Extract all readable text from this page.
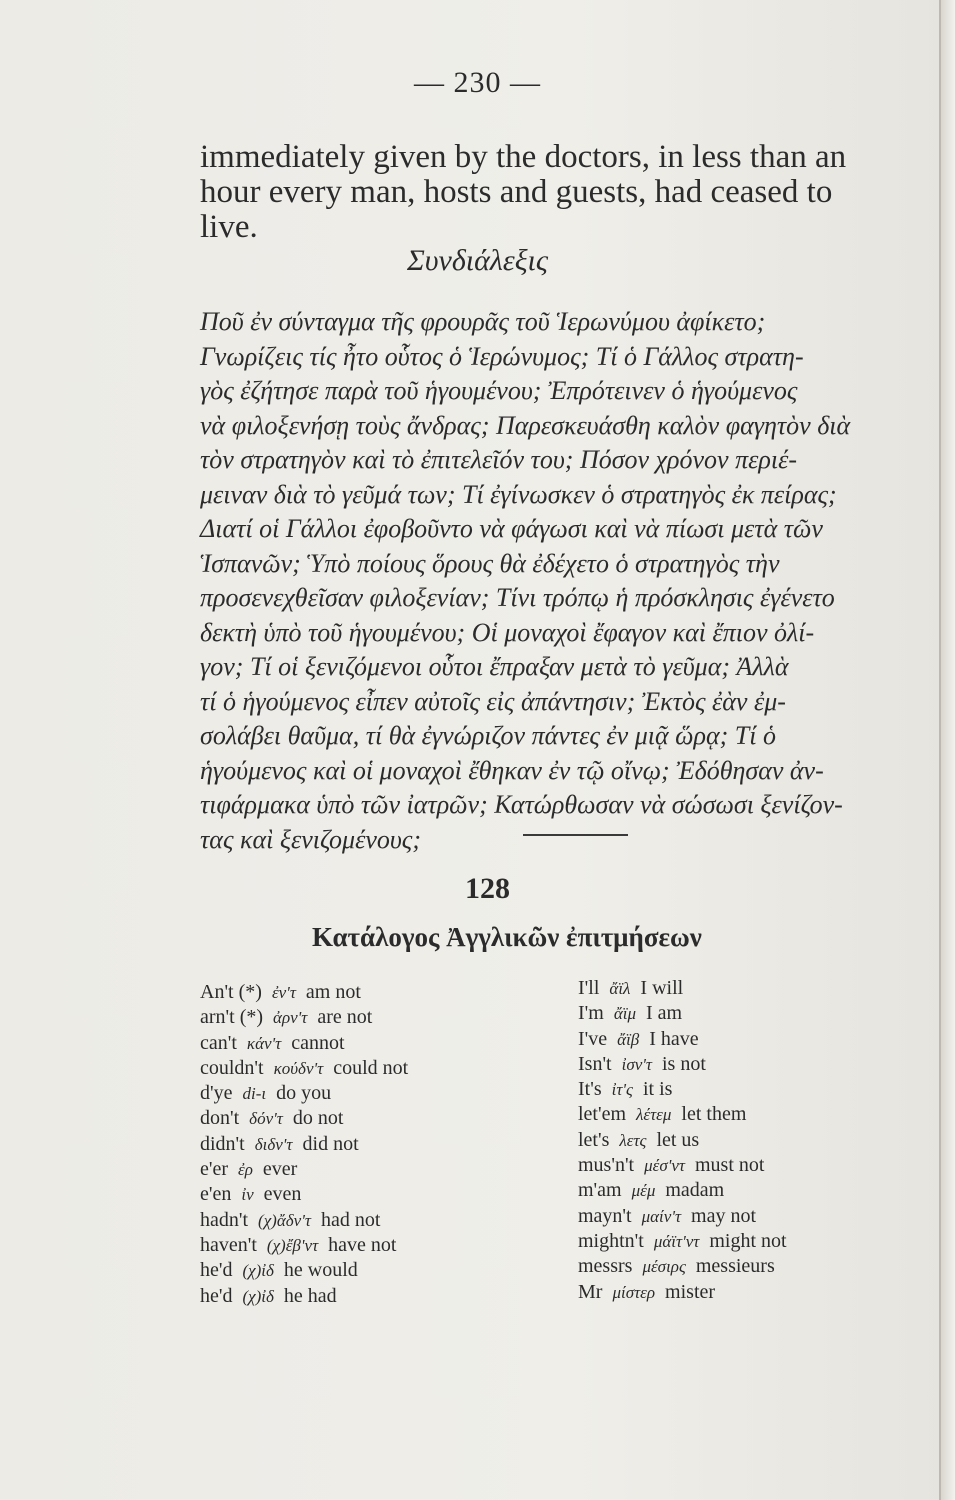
— 230 —
immediately given by the doctors, in less than an
hour every man, hosts and guests, had ceased to
live.
Συνδιάλεξις
Ποῦ ἐν σύνταγμα τῆς φρουρᾶς τοῦ Ἱερωνύμου ἀφίκετο;
Γνωρίζεις τίς ἦτο οὗτος ὁ Ἱερώνυμος; Τί ὁ Γάλλος στρατη-
γὸς ἐζήτησε παρὰ τοῦ ἡγουμένου; Ἐπρότεινεν ὁ ἡγούμενος
νὰ φιλοξενήσῃ τοὺς ἄνδρας; Παρεσκευάσθη καλὸν φαγητὸν διὰ
τὸν στρατηγὸν καὶ τὸ ἐπιτελεῖόν του; Πόσον χρόνον περιέ-
μειναν διὰ τὸ γεῦμά των; Τί ἐγίνωσκεν ὁ στρατηγὸς ἐκ πείρας;
Διατί οἱ Γάλλοι ἐφοβοῦντο νὰ φάγωσι καὶ νὰ πίωσι μετὰ τῶν
Ἱσπανῶν; Ὑπὸ ποίους ὅρους θὰ ἐδέχετο ὁ στρατηγὸς τὴν
προσενεχθεῖσαν φιλοξενίαν; Τίνι τρόπῳ ἡ πρόσκλησις ἐγένετο
δεκτὴ ὑπὸ τοῦ ἡγουμένου; Οἱ μοναχοὶ ἔφαγον καὶ ἔπιον ὀλί-
γον; Τί οἱ ξενιζόμενοι οὗτοι ἔπραξαν μετὰ τὸ γεῦμα; Ἀλλὰ
τί ὁ ἡγούμενος εἶπεν αὐτοῖς εἰς ἀπάντησιν; Ἐκτὸς ἐὰν ἐμ-
σολάβει θαῦμα, τί θὰ ἐγνώριζον πάντες ἐν μιᾷ ὥρᾳ; Τί ὁ
ἡγούμενος καὶ οἱ μοναχοὶ ἔθηκαν ἐν τῷ οἴνῳ; Ἐδόθησαν ἀν-
τιφάρμακα ὑπὸ τῶν ἰατρῶν; Κατώρθωσαν νὰ σώσωσι ξενίζον-
τας καὶ ξενιζομένους;
128
Κατάλογος Ἀγγλικῶν ἐπιτμήσεων
An't (*) ἐν'τ am not
arn't (*) ἀρν'τ are not
can't κάν'τ cannot
couldn't κούδν'τ could not
d'ye di-ι do you
don't δόν'τ do not
didn't διδν'τ did not
e'er ἐρ ever
e'en ἰν even
hadn't (χ)ἄδν'τ had not
haven't (χ)ἔβ'ντ have not
he'd (χ)ἰδ he would
he'd (χ)ἰδ he had
I'll ἄϊλ I will
I'm ἄϊμ I am
I've ἄϊβ I have
Isn't ἰσν'τ is not
It's ἰτ'ς it is
let'em λέτεμ let them
let's λετς let us
mus'n't μέσ'ντ must not
m'am μέμ madam
mayn't μαίν'τ may not
mightn't μάϊτ'ντ might not
messrs μέσιρς messieurs
Mr μίστερ mister
